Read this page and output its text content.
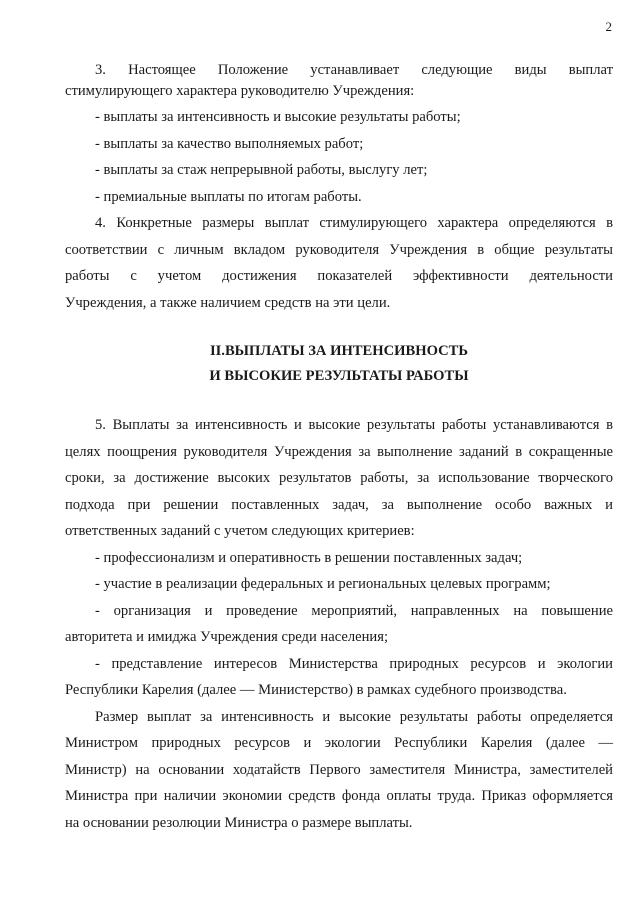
2

3. Настоящее Положение устанавливает следующие виды выплат

стимулирующего характера руководителю Учреждения:

- выплаты за интенсивность и высокие результаты работы;

- выплаты за качество выполняемых работ;

- выплаты за стаж непрерывной работы, выслугу лет;

- премиальные выплаты по итогам работы.

4. Конкретные размеры выплат стимулирующего характера определяются в

соответствии с личным вкладом руководителя Учреждения в общие результаты

работы с учетом достижения показателей эффективности деятельности

Учреждения, а также наличием средств на эти цели.

II.ВЫПЛАТЫ ЗА ИНТЕНСИВНОСТЬ

И ВЫСОКИЕ РЕЗУЛЬТАТЫ РАБОТЫ

5. Выплаты за интенсивность и высокие результаты работы устанавливаются в

целях поощрения руководителя Учреждения за выполнение заданий в сокращенные

сроки, за достижение высоких результатов работы, за использование творческого

подхода при решении поставленных задач, за выполнение особо важных и

ответственных заданий с учетом следующих критериев:

- профессионализм и оперативность в решении поставленных задач;

- участие в реализации федеральных и региональных целевых программ;

- организация и проведение мероприятий, направленных на повышение

авторитета и имиджа Учреждения среди населения;

- представление интересов Министерства природных ресурсов и экологии

Республики Карелия (далее — Министерство) в рамках судебного производства.

Размер выплат за интенсивность и высокие результаты работы определяется

Министром природных ресурсов и экологии Республики Карелия (далее —

Министр) на основании ходатайств Первого заместителя Министра, заместителей

Министра при наличии экономии средств фонда оплаты труда. Приказ оформляется

на основании резолюции Министра о размере выплаты.
